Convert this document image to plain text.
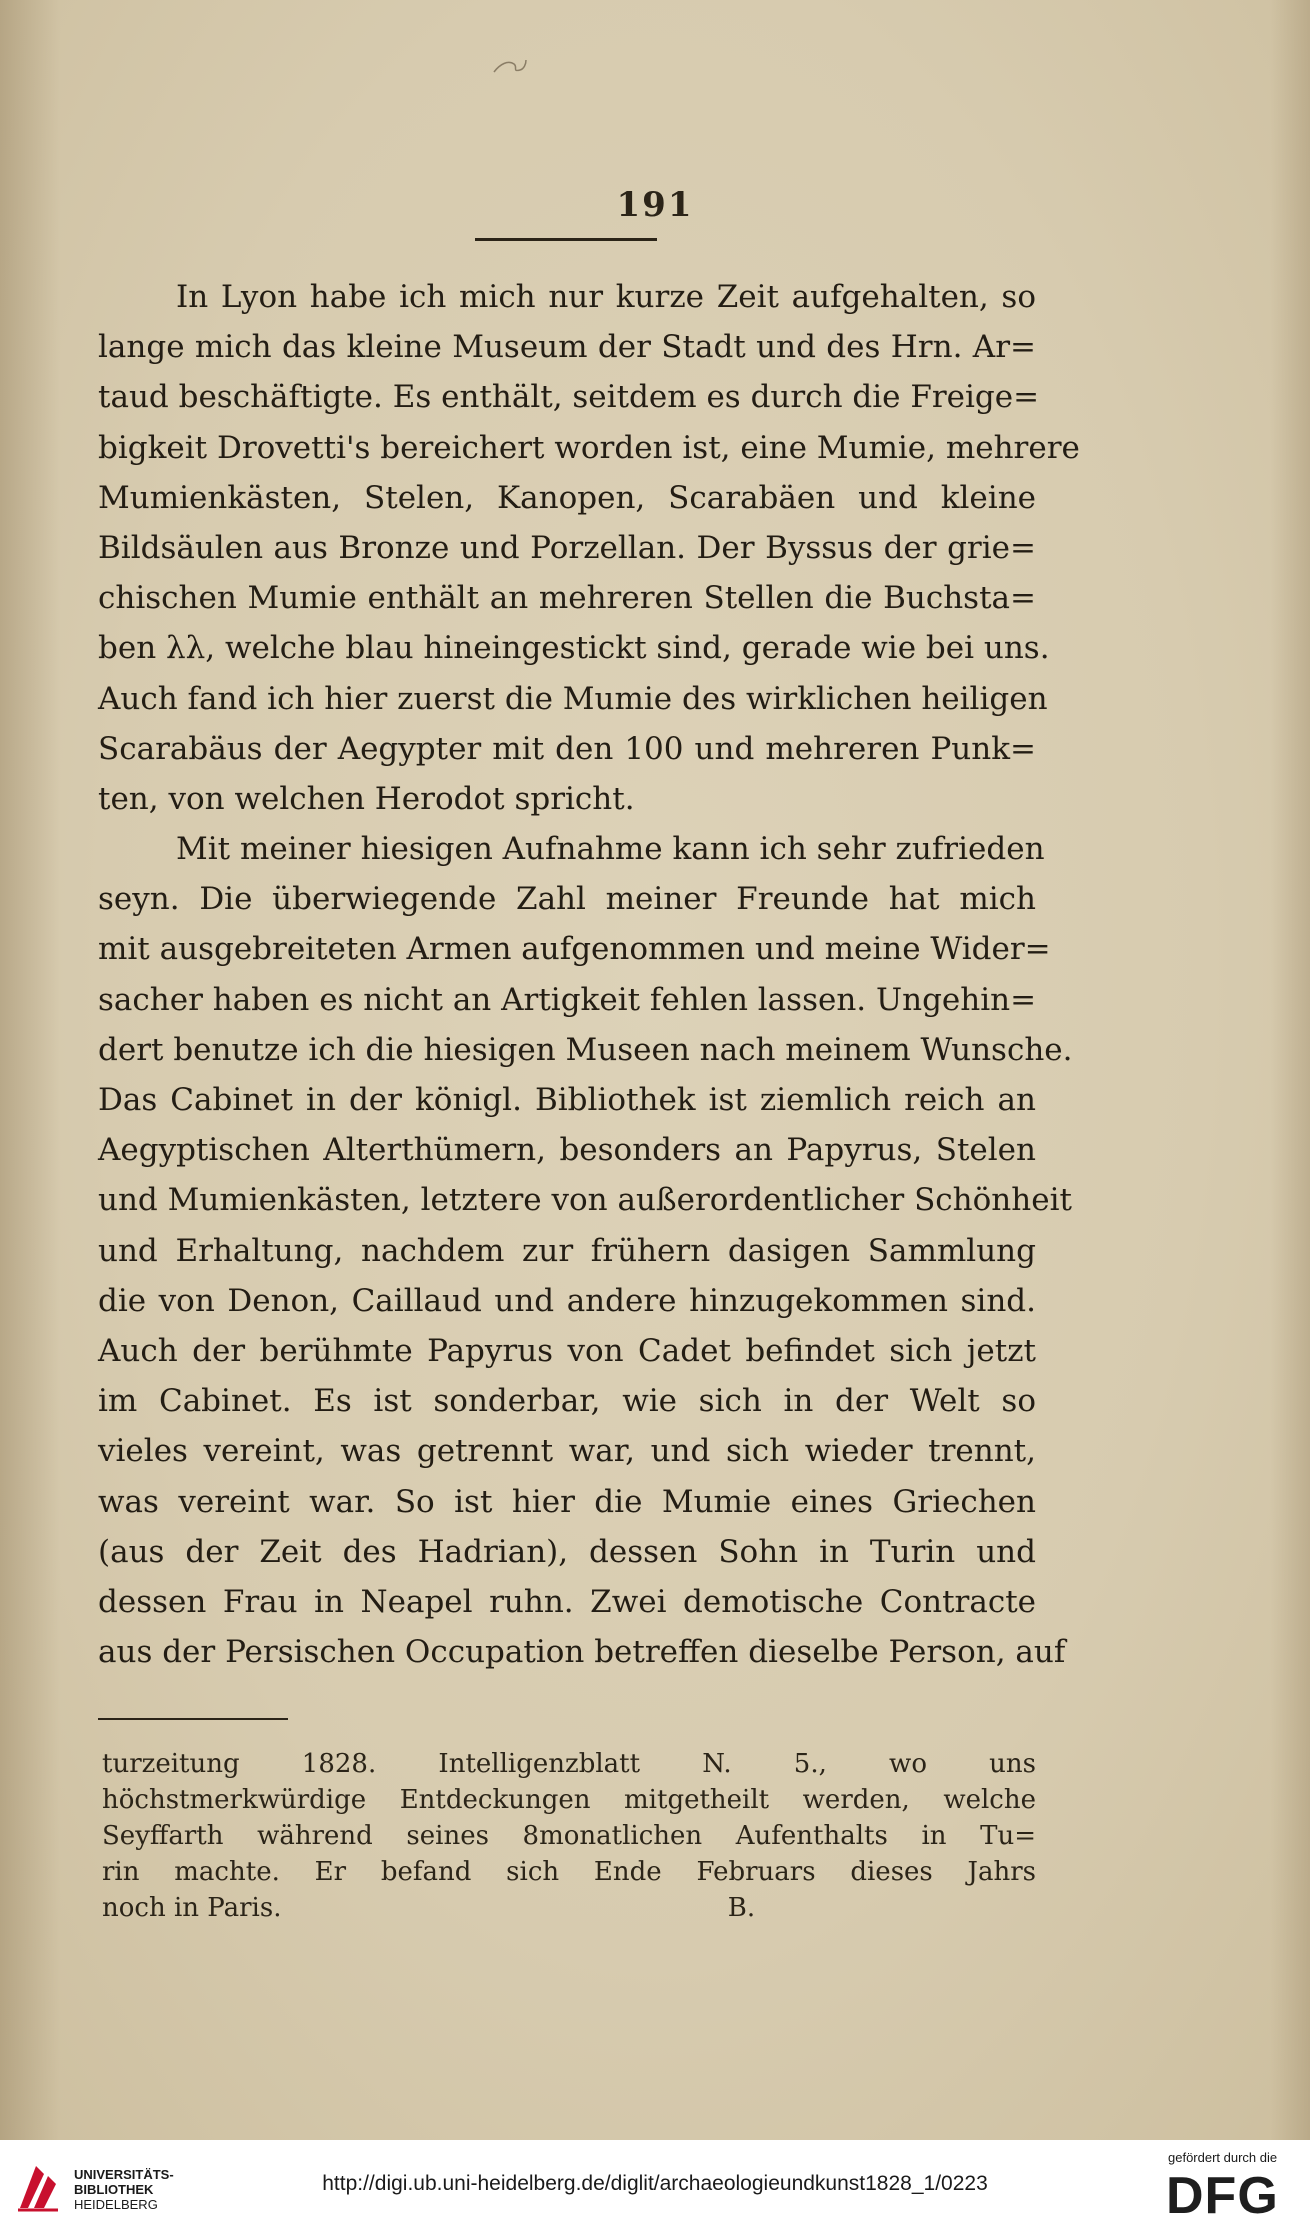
191
In Lyon habe ich mich nur kurze Zeit aufgehalten, so
lange mich das kleine Museum der Stadt und des Hrn. Ar=
taud beschäftigte. Es enthält, seitdem es durch die Freige=
bigkeit Drovetti's bereichert worden ist, eine Mumie, mehrere
Mumienkästen, Stelen, Kanopen, Scarabäen und kleine
Bildsäulen aus Bronze und Porzellan. Der Byssus der grie=
chischen Mumie enthält an mehreren Stellen die Buchsta=
ben λλ, welche blau hineingestickt sind, gerade wie bei uns.
Auch fand ich hier zuerst die Mumie des wirklichen heiligen
Scarabäus der Aegypter mit den 100 und mehreren Punk=
ten, von welchen Herodot spricht.
Mit meiner hiesigen Aufnahme kann ich sehr zufrieden
seyn. Die überwiegende Zahl meiner Freunde hat mich
mit ausgebreiteten Armen aufgenommen und meine Wider=
sacher haben es nicht an Artigkeit fehlen lassen. Ungehin=
dert benutze ich die hiesigen Museen nach meinem Wunsche.
Das Cabinet in der königl. Bibliothek ist ziemlich reich an
Aegyptischen Alterthümern, besonders an Papyrus, Stelen
und Mumienkästen, letztere von außerordentlicher Schönheit
und Erhaltung, nachdem zur frühern dasigen Sammlung
die von Denon, Caillaud und andere hinzugekommen sind.
Auch der berühmte Papyrus von Cadet befindet sich jetzt
im Cabinet. Es ist sonderbar, wie sich in der Welt so
vieles vereint, was getrennt war, und sich wieder trennt,
was vereint war. So ist hier die Mumie eines Griechen
(aus der Zeit des Hadrian), dessen Sohn in Turin und
dessen Frau in Neapel ruhn. Zwei demotische Contracte
aus der Persischen Occupation betreffen dieselbe Person, auf
turzeitung 1828. Intelligenzblatt N. 5., wo uns
höchstmerkwürdige Entdeckungen mitgetheilt werden, welche
Seyffarth während seines 8monatlichen Aufenthalts in Tu=
rin machte. Er befand sich Ende Februars dieses Jahrs
noch in Paris.                                                      B.
UNIVERSITÄTS-
BIBLIOTHEK
HEIDELBERG
http://digi.ub.uni-heidelberg.de/diglit/archaeologieundkunst1828_1/0223
gefördert durch die
DFG
